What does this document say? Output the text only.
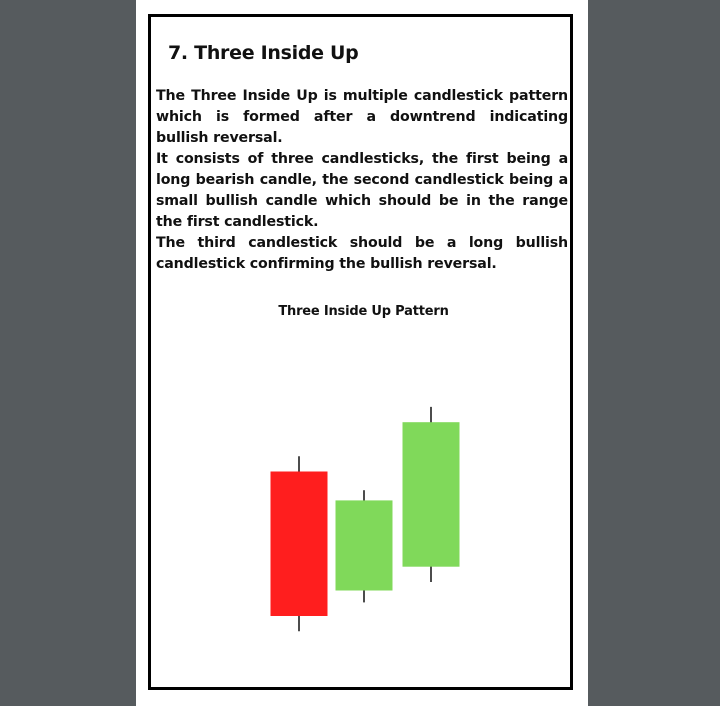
7. Three Inside Up

The Three Inside Up is multiple candlestick pattern which is formed after a downtrend indicating bullish reversal.

It consists of three candlesticks, the first being a long bearish candle, the second candlestick being a small bullish candle which should be in the range the first candlestick.

The third candlestick should be a long bullish candlestick confirming the bullish reversal.

Three Inside Up Pattern
